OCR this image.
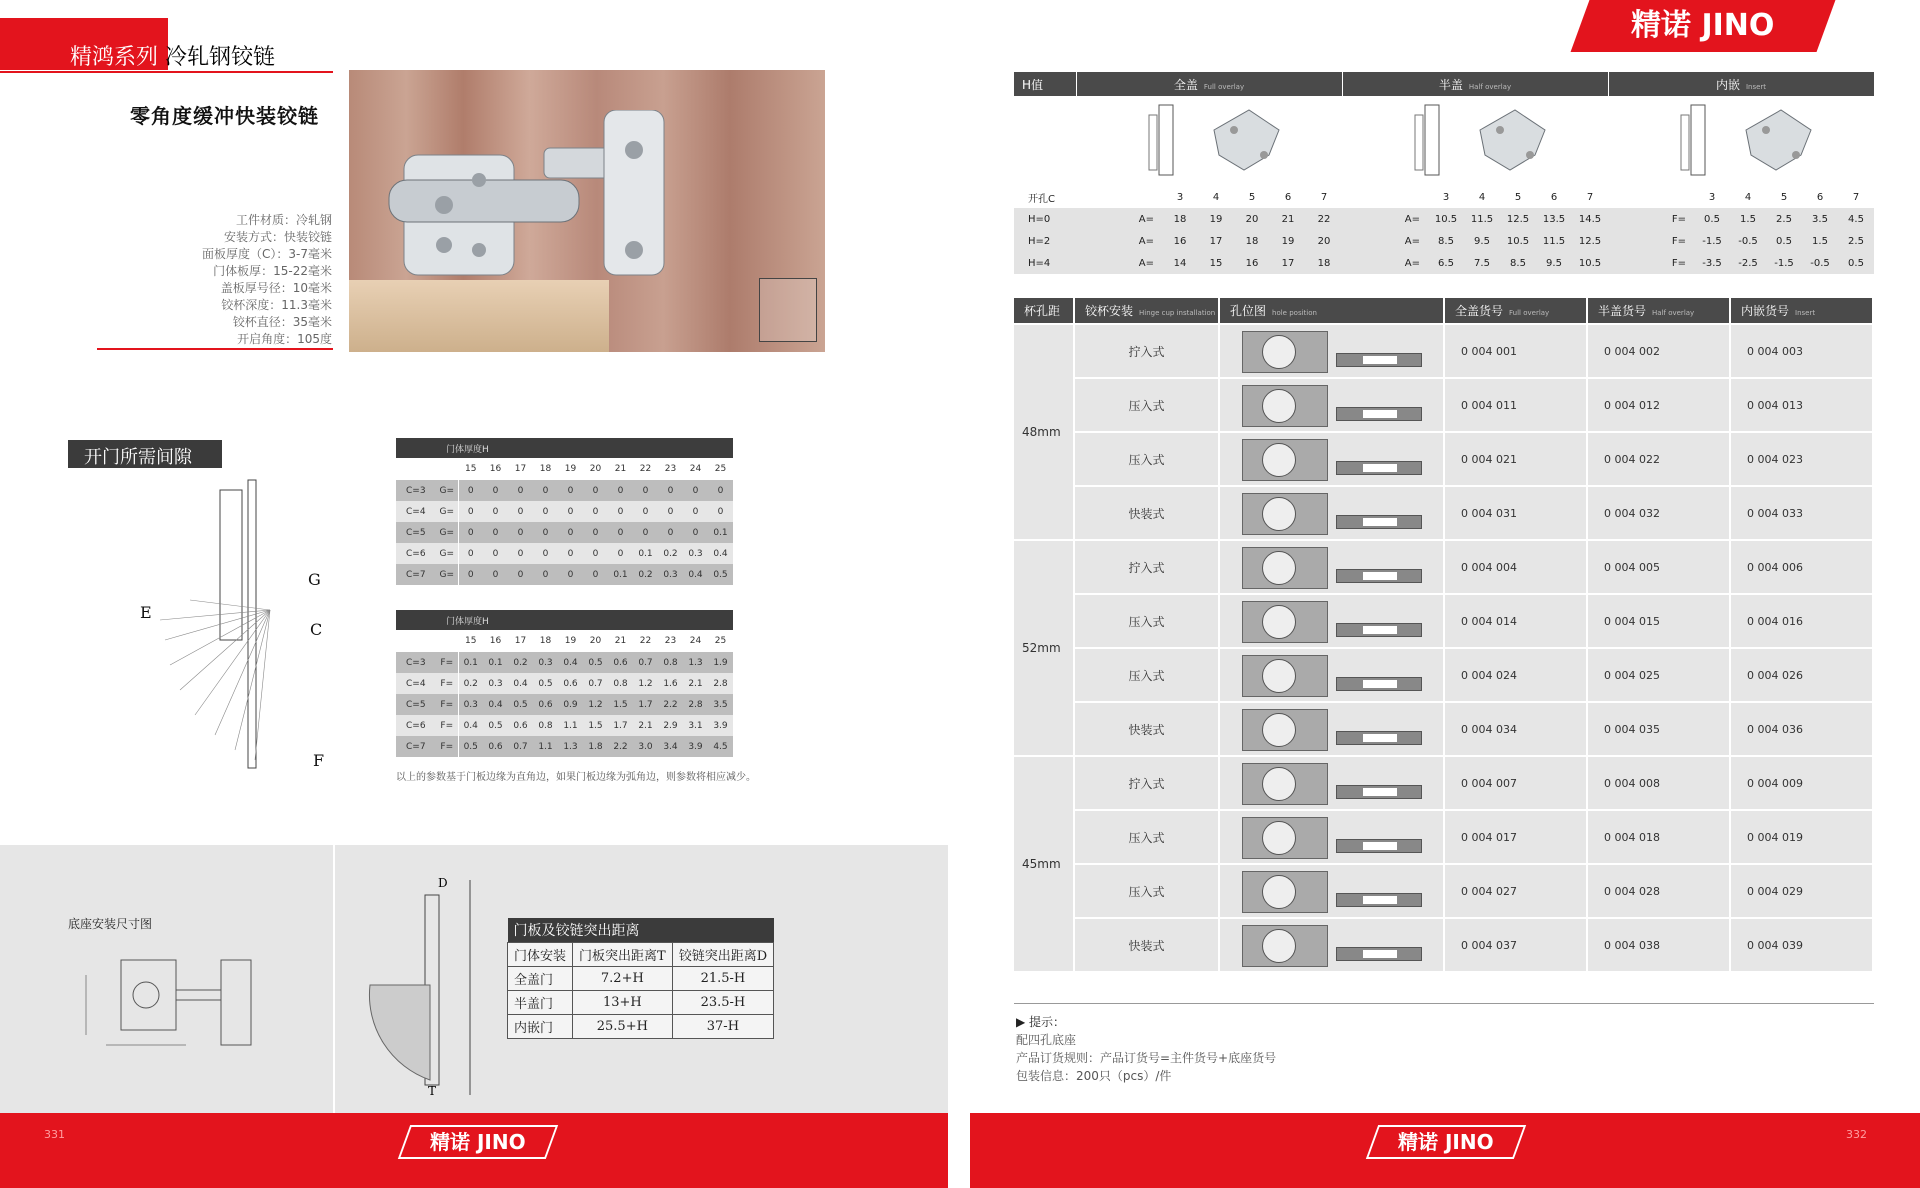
精鸿系列 冷轧钢铰链
零角度缓冲快装铰链
工件材质：冷轧钢
安装方式：快装铰链
面板厚度（C）：3-7毫米
门体板厚：15-22毫米
盖板厚号径：10毫米
铰杯深度：11.3毫米
铰杯直径：35毫米
开启角度：105度
开门所需间隙
E
G
C
F
	门体厚度H											
		15	16	17	18	19	20	21	22	23	24	25
C=3	G=	0	0	0	0	0	0	0	0	0	0	0
C=4	G=	0	0	0	0	0	0	0	0	0	0	0
C=5	G=	0	0	0	0	0	0	0	0	0	0	0.1
C=6	G=	0	0	0	0	0	0	0	0.1	0.2	0.3	0.4
C=7	G=	0	0	0	0	0	0	0.1	0.2	0.3	0.4	0.5
	门体厚度H											
		15	16	17	18	19	20	21	22	23	24	25
C=3	F=	0.1	0.1	0.2	0.3	0.4	0.5	0.6	0.7	0.8	1.3	1.9
C=4	F=	0.2	0.3	0.4	0.5	0.6	0.7	0.8	1.2	1.6	2.1	2.8
C=5	F=	0.3	0.4	0.5	0.6	0.9	1.2	1.5	1.7	2.2	2.8	3.5
C=6	F=	0.4	0.5	0.6	0.8	1.1	1.5	1.7	2.1	2.9	3.1	3.9
C=7	F=	0.5	0.6	0.7	1.1	1.3	1.8	2.2	3.0	3.4	3.9	4.5
以上的参数基于门板边缘为直角边，如果门板边缘为弧角边，则参数将相应减少。
底座安装尺寸图
D
T
门板及铰链突出距离		
门体安装	门板突出距离T	铰链突出距离D
全盖门	7.2+H	21.5-H
半盖门	13+H	23.5-H
内嵌门	25.5+H	37-H
精诺 JINO
331
精诺 JINO
H值	全盖 Full overlay						半盖 Half overlay						内嵌 Insert					

开孔C		3	4	5	6	7		3	4	5	6	7		3	4	5	6	7
H=0	A=	18	19	20	21	22	A=	10.5	11.5	12.5	13.5	14.5	F=	0.5	1.5	2.5	3.5	4.5
H=2	A=	16	17	18	19	20	A=	8.5	9.5	10.5	11.5	12.5	F=	-1.5	-0.5	0.5	1.5	2.5
H=4	A=	14	15	16	17	18	A=	6.5	7.5	8.5	9.5	10.5	F=	-3.5	-2.5	-1.5	-0.5	0.5
杯孔距	铰杯安装 Hinge cup installation	孔位图 hole position	全盖货号 Full overlay	半盖货号 Half overlay	内嵌货号 Insert
48mm	拧入式		0 004 001	0 004 002	0 004 003
	压入式		0 004 011	0 004 012	0 004 013
	压入式		0 004 021	0 004 022	0 004 023
	快装式		0 004 031	0 004 032	0 004 033
52mm	拧入式		0 004 004	0 004 005	0 004 006
	压入式		0 004 014	0 004 015	0 004 016
	压入式		0 004 024	0 004 025	0 004 026
	快装式		0 004 034	0 004 035	0 004 036
45mm	拧入式		0 004 007	0 004 008	0 004 009
	压入式		0 004 017	0 004 018	0 004 019
	压入式		0 004 027	0 004 028	0 004 029
	快装式		0 004 037	0 004 038	0 004 039
▶ 提示：
配四孔底座
产品订货规则：产品订货号=主件货号+底座货号
包装信息：200只（pcs）/件
精诺 JINO	332
